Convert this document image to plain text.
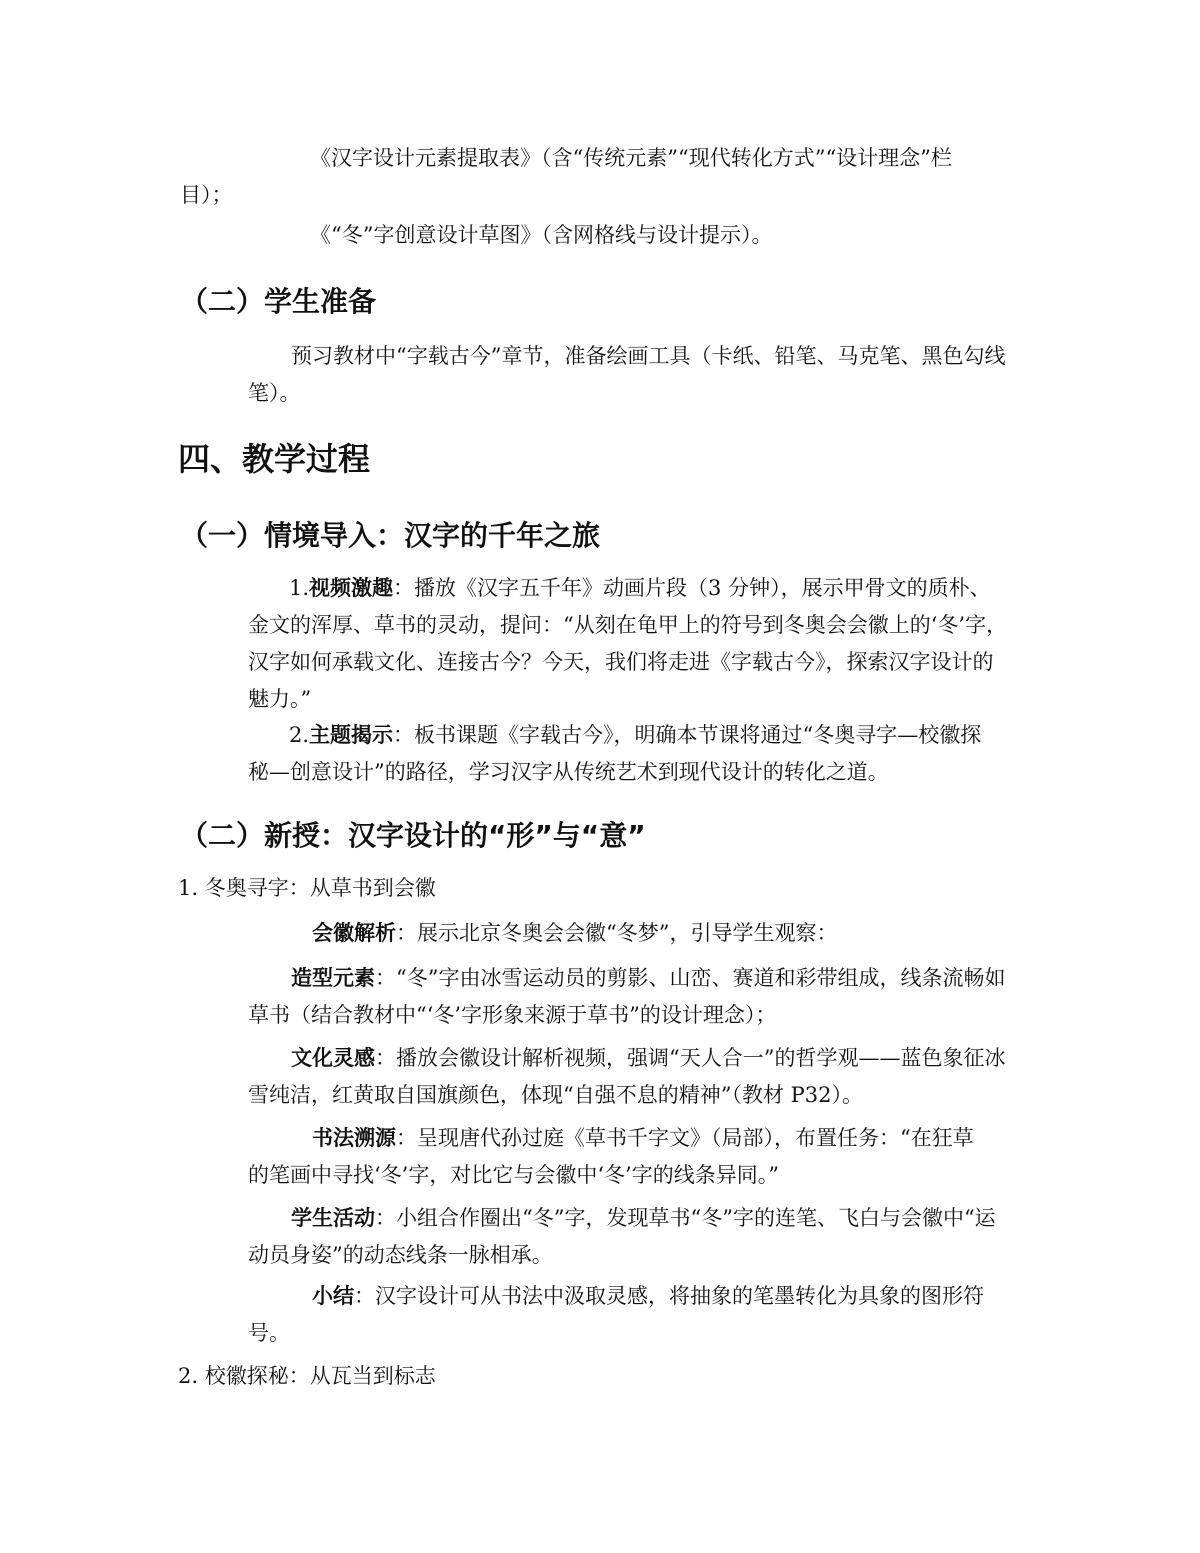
《汉字设计元素提取表》（含“传统元素”“现代转化方式”“设计理念”栏
目）；
《“冬”字创意设计草图》（含网格线与设计提示）。
（二）学生准备
预习教材中“字载古今”章节，准备绘画工具（卡纸、铅笔、马克笔、黑色勾线
笔）。
四、教学过程
（一）情境导入：汉字的千年之旅
1.视频激趣：播放《汉字五千年》动画片段（3 分钟），展示甲骨文的质朴、
金文的浑厚、草书的灵动，提问：“从刻在龟甲上的符号到冬奥会会徽上的‘冬’字，
汉字如何承载文化、连接古今？今天，我们将走进《字载古今》，探索汉字设计的
魅力。”
2.主题揭示：板书课题《字载古今》，明确本节课将通过“冬奥寻字—校徽探
秘—创意设计”的路径，学习汉字从传统艺术到现代设计的转化之道。
（二）新授：汉字设计的“形”与“意”
1. 冬奥寻字：从草书到会徽
会徽解析：展示北京冬奥会会徽“冬梦”，引导学生观察：
造型元素：“冬”字由冰雪运动员的剪影、山峦、赛道和彩带组成，线条流畅如
草书（结合教材中“‘冬’字形象来源于草书”的设计理念）；
文化灵感：播放会徽设计解析视频，强调“天人合一”的哲学观——蓝色象征冰
雪纯洁，红黄取自国旗颜色，体现“自强不息的精神”（教材 P32）。
书法溯源：呈现唐代孙过庭《草书千字文》（局部），布置任务：“在狂草
的笔画中寻找‘冬’字，对比它与会徽中‘冬’字的线条异同。”
学生活动：小组合作圈出“冬”字，发现草书“冬”字的连笔、飞白与会徽中“运
动员身姿”的动态线条一脉相承。
小结：汉字设计可从书法中汲取灵感，将抽象的笔墨转化为具象的图形符
号。
2. 校徽探秘：从瓦当到标志
